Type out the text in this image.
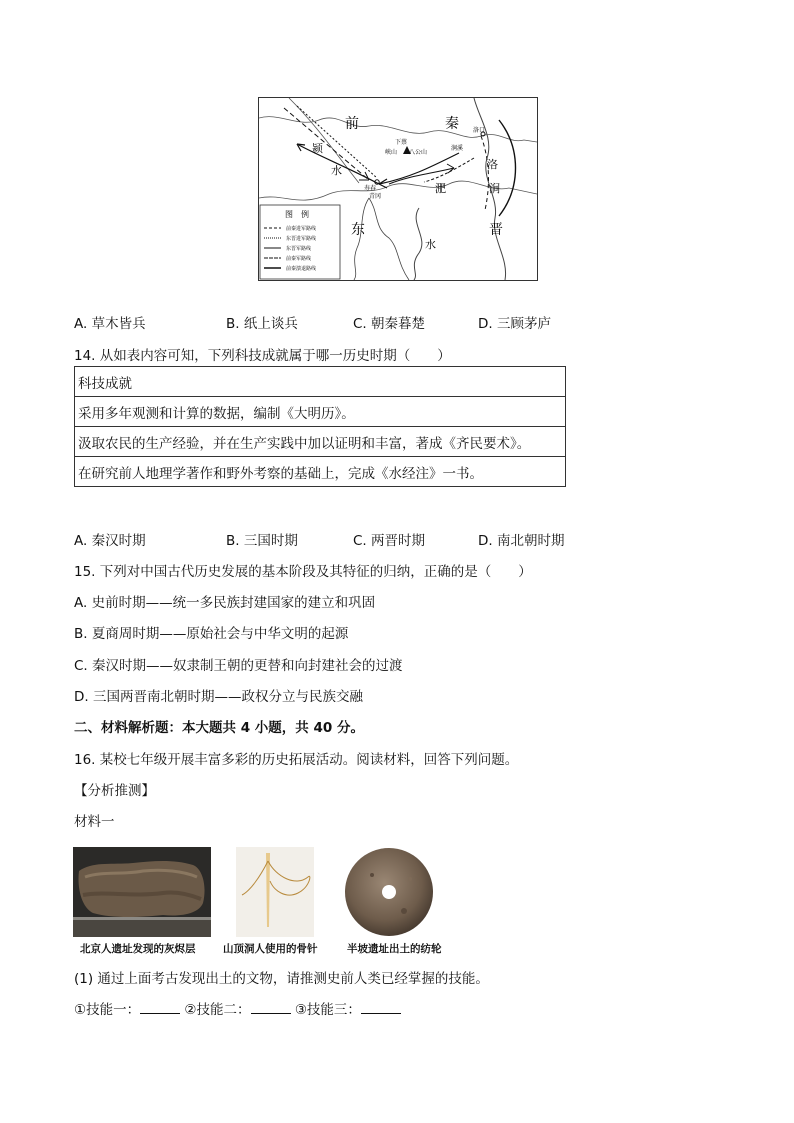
前	秦
东	晋
颍
水
淝
水
洛
涧
寿春
下蔡
峡山 八公山
青冈
洛口
涧溪
图　例
前秦进军路线
东晋进军路线
东晋军路线
前秦军路线
前秦溃退路线
A. 草木皆兵	B. 纸上谈兵	C. 朝秦暮楚	D. 三顾茅庐
14. 从如表内容可知，下列科技成就属于哪一历史时期（　　）
科技成就
采用多年观测和计算的数据，编制《大明历》。
汲取农民的生产经验，并在生产实践中加以证明和丰富，著成《齐民要术》。
在研究前人地理学著作和野外考察的基础上，完成《水经注》一书。
A. 秦汉时期	B. 三国时期	C. 两晋时期	D. 南北朝时期
15. 下列对中国古代历史发展的基本阶段及其特征的归纳，正确的是（　　）
A. 史前时期——统一多民族封建国家的建立和巩固
B. 夏商周时期——原始社会与中华文明的起源
C. 秦汉时期——奴隶制王朝的更替和向封建社会的过渡
D. 三国两晋南北朝时期——政权分立与民族交融
二、材料解析题：本大题共 4 小题，共 40 分。
16. 某校七年级开展丰富多彩的历史拓展活动。阅读材料，回答下列问题。
【分析推测】
材料一
北京人遗址发现的灰烬层	山顶洞人使用的骨针	半坡遗址出土的纺轮
(1) 通过上面考古发现出土的文物，请推测史前人类已经掌握的技能。
①技能一：	②技能二：	③技能三：
